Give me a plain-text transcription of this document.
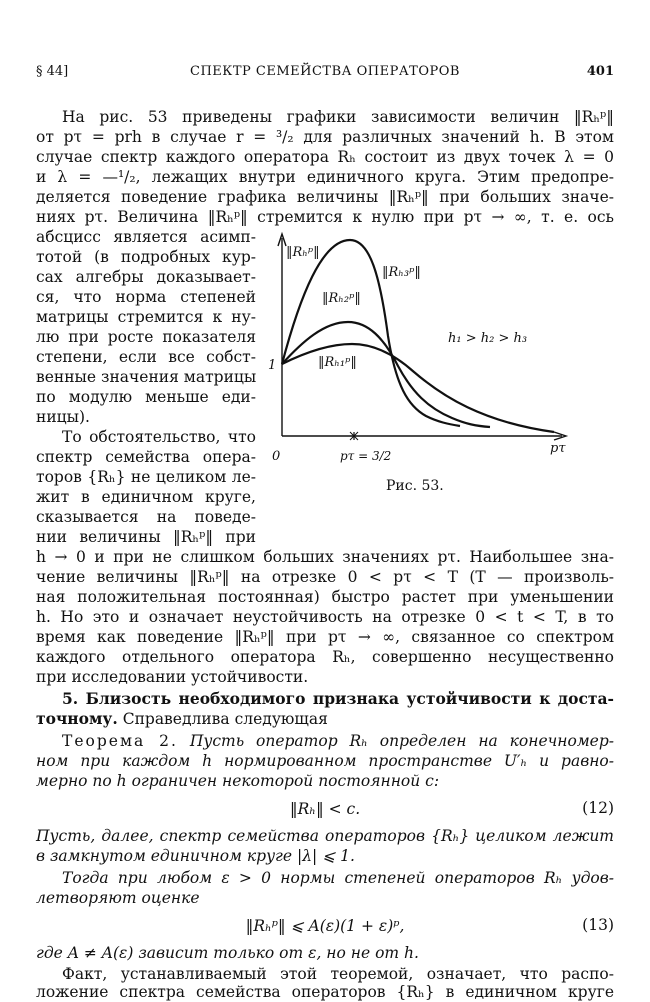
§ 44]	СПЕКТР СЕМЕЙСТВА ОПЕРАТОРОВ	401
На рис. 53 приведены графики зависимости величин ‖Rₕᵖ‖
от pτ = prh в случае r = ³/₂ для различных значений h. В этом
случае спектр каждого оператора Rₕ состоит из двух точек λ = 0
и λ = —¹/₂, лежащих внутри единичного круга. Этим предопре-
деляется поведение графика величины ‖Rₕᵖ‖ при больших значе-
ниях pτ. Величина ‖Rₕᵖ‖ стремится к нулю при pτ → ∞, т. е. ось
абсцисс является асимп-
тотой (в подробных кур-
сах алгебры доказывает-
ся, что норма степеней
матрицы стремится к ну-
лю при росте показателя
степени, если все собст-
венные значения матрицы
по модулю меньше еди-
ницы).
То обстоятельство, что
спектр семейства опера-
торов {Rₕ} не целиком ле-
жит в единичном круге,
сказывается на поведе-
нии величины ‖Rₕᵖ‖ при
h → 0 и при не слишком больших значениях pτ. Наибольшее зна-
чение величины ‖Rₕᵖ‖ на отрезке 0 < pτ < T (T — произволь-
ная положительная постоянная) быстро растет при уменьшении
h. Но это и означает неустойчивость на отрезке 0 < t < T, в то
время как поведение ‖Rₕᵖ‖ при pτ → ∞, связанное со спектром
каждого отдельного оператора Rₕ, совершенно несущественно
при исследовании устойчивости.
5. Близость необходимого признака устойчивости к доста-
точному. Справедлива следующая
Теорема 2. Пусть оператор Rₕ определен на конечномер-
ном при каждом h нормированном пространстве U′ₕ и равно-
мерно по h ограничен некоторой постоянной c:
‖Rₕ‖ < c.	(12)
Пусть, далее, спектр семейства операторов {Rₕ} целиком лежит
в замкнутом единичном круге |λ| ⩽ 1.
Тогда при любом ε > 0 нормы степеней операторов Rₕ удов-
летворяют оценке
‖Rₕᵖ‖ ⩽ A(ε)(1 + ε)ᵖ,	(13)
где A ≠ A(ε) зависит только от ε, но не от h.
Факт, устанавливаемый этой теоремой, означает, что распо-
ложение спектра семейства операторов {Rₕ} в единичном круге
‖Rₕᵖ‖
1
0
pτ
pτ = 3/2
‖Rₕ₃ᵖ‖
‖Rₕ₂ᵖ‖
‖Rₕ₁ᵖ‖
h₁ > h₂ > h₃
Рис. 53.
